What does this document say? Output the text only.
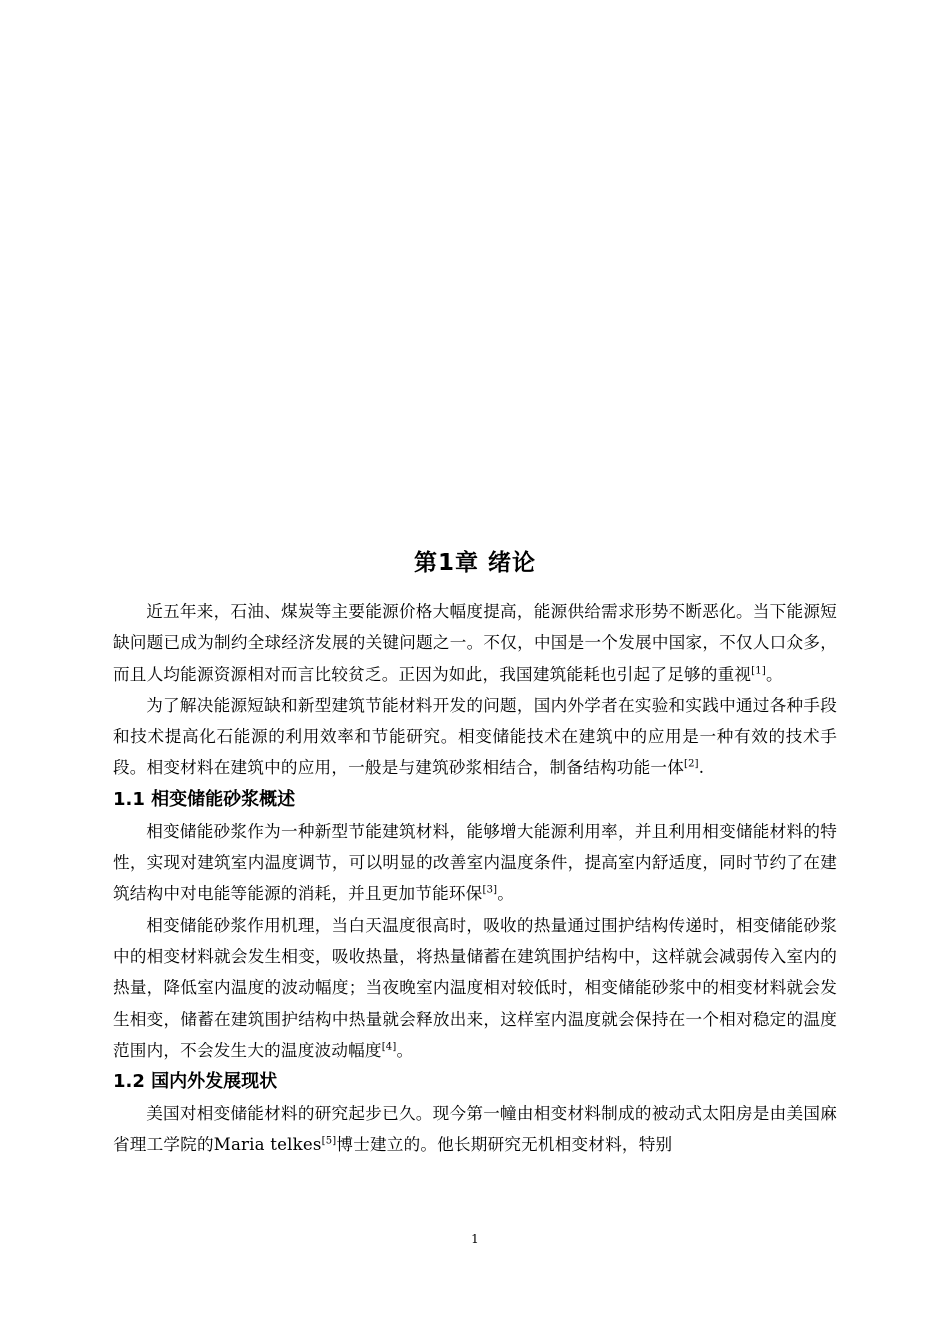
第1章 绪论

近五年来，石油、煤炭等主要能源价格大幅度提高，能源供给需求形势不断恶化。当下能源短缺问题已成为制约全球经济发展的关键问题之一。不仅，中国是一个发展中国家，不仅人口众多，而且人均能源资源相对而言比较贫乏。正因为如此，我国建筑能耗也引起了足够的重视[1]。

为了解决能源短缺和新型建筑节能材料开发的问题，国内外学者在实验和实践中通过各种手段和技术提高化石能源的利用效率和节能研究。相变储能技术在建筑中的应用是一种有效的技术手段。相变材料在建筑中的应用，一般是与建筑砂浆相结合，制备结构功能一体[2].

1.1 相变储能砂浆概述

相变储能砂浆作为一种新型节能建筑材料，能够增大能源利用率，并且利用相变储能材料的特性，实现对建筑室内温度调节，可以明显的改善室内温度条件，提高室内舒适度，同时节约了在建筑结构中对电能等能源的消耗，并且更加节能环保[3]。

相变储能砂浆作用机理，当白天温度很高时，吸收的热量通过围护结构传递时，相变储能砂浆中的相变材料就会发生相变，吸收热量，将热量储蓄在建筑围护结构中，这样就会减弱传入室内的热量，降低室内温度的波动幅度；当夜晚室内温度相对较低时，相变储能砂浆中的相变材料就会发生相变，储蓄在建筑围护结构中热量就会释放出来，这样室内温度就会保持在一个相对稳定的温度范围内，不会发生大的温度波动幅度[4]。

1.2 国内外发展现状

美国对相变储能材料的研究起步已久。现今第一幢由相变材料制成的被动式太阳房是由美国麻省理工学院的Maria telkes[5]博士建立的。他长期研究无机相变材料，特别

1
